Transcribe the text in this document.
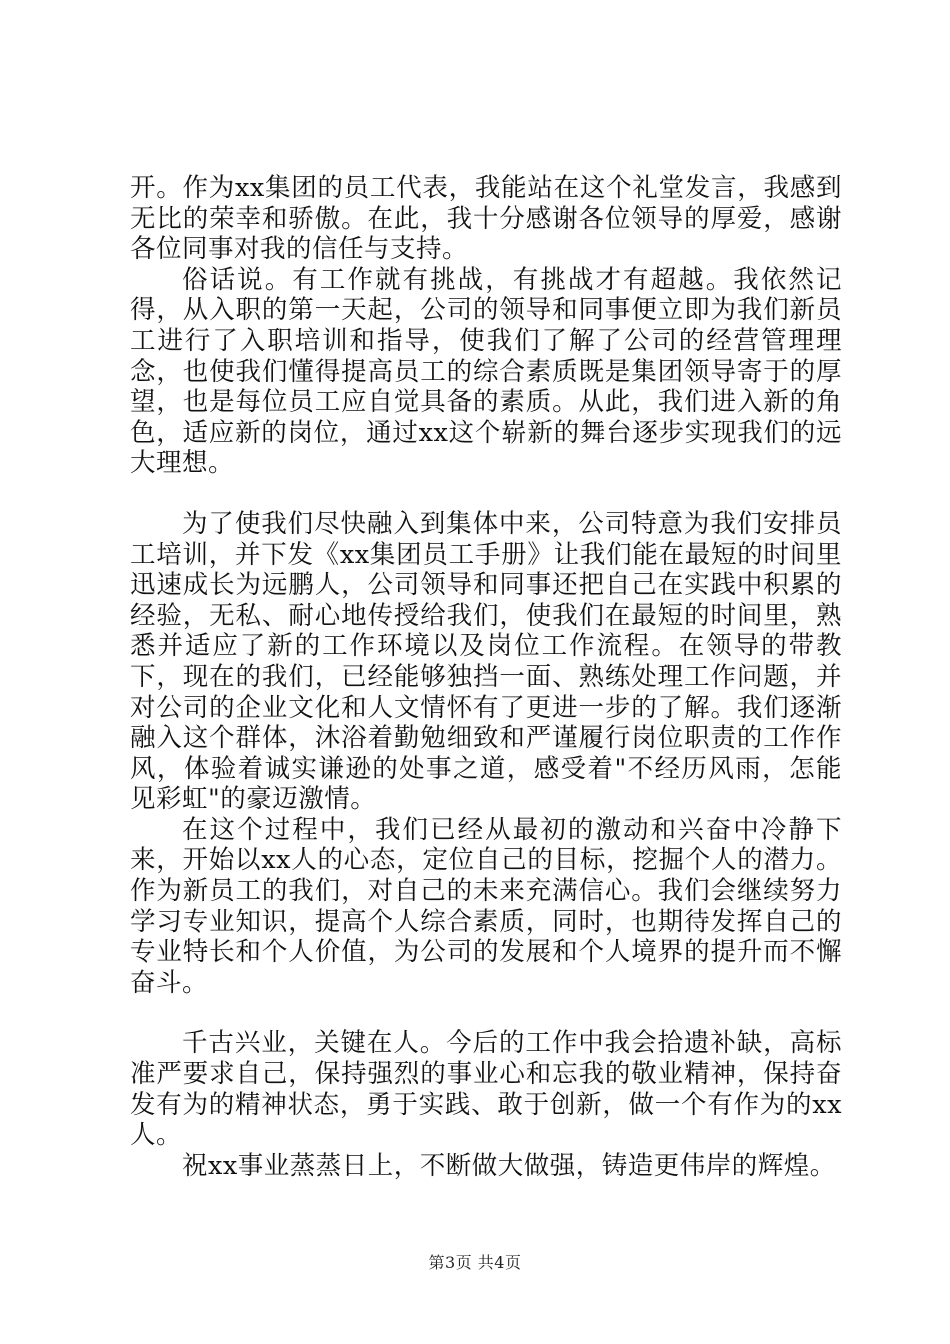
开。作为xx集团的员工代表，我能站在这个礼堂发言，我感到无比的荣幸和骄傲。在此，我十分感谢各位领导的厚爱，感谢各位同事对我的信任与支持。

俗话说。有工作就有挑战，有挑战才有超越。我依然记得，从入职的第一天起，公司的领导和同事便立即为我们新员工进行了入职培训和指导，使我们了解了公司的经营管理理念，也使我们懂得提高员工的综合素质既是集团领导寄于的厚望，也是每位员工应自觉具备的素质。从此，我们进入新的角色，适应新的岗位，通过xx这个崭新的舞台逐步实现我们的远大理想。

为了使我们尽快融入到集体中来，公司特意为我们安排员工培训，并下发《xx集团员工手册》让我们能在最短的时间里迅速成长为远鹏人，公司领导和同事还把自己在实践中积累的经验，无私、耐心地传授给我们，使我们在最短的时间里，熟悉并适应了新的工作环境以及岗位工作流程。在领导的带教下，现在的我们，已经能够独挡一面、熟练处理工作问题，并对公司的企业文化和人文情怀有了更进一步的了解。我们逐渐融入这个群体，沐浴着勤勉细致和严谨履行岗位职责的工作作风，体验着诚实谦逊的处事之道，感受着"不经历风雨，怎能见彩虹"的豪迈激情。

在这个过程中，我们已经从最初的激动和兴奋中冷静下来，开始以xx人的心态，定位自己的目标，挖掘个人的潜力。作为新员工的我们，对自己的未来充满信心。我们会继续努力学习专业知识，提高个人综合素质，同时，也期待发挥自己的专业特长和个人价值，为公司的发展和个人境界的提升而不懈奋斗。

千古兴业，关键在人。今后的工作中我会拾遗补缺，高标准严要求自己，保持强烈的事业心和忘我的敬业精神，保持奋发有为的精神状态，勇于实践、敢于创新，做一个有作为的xx人。

祝xx事业蒸蒸日上，不断做大做强，铸造更伟岸的辉煌。

第3页 共4页
